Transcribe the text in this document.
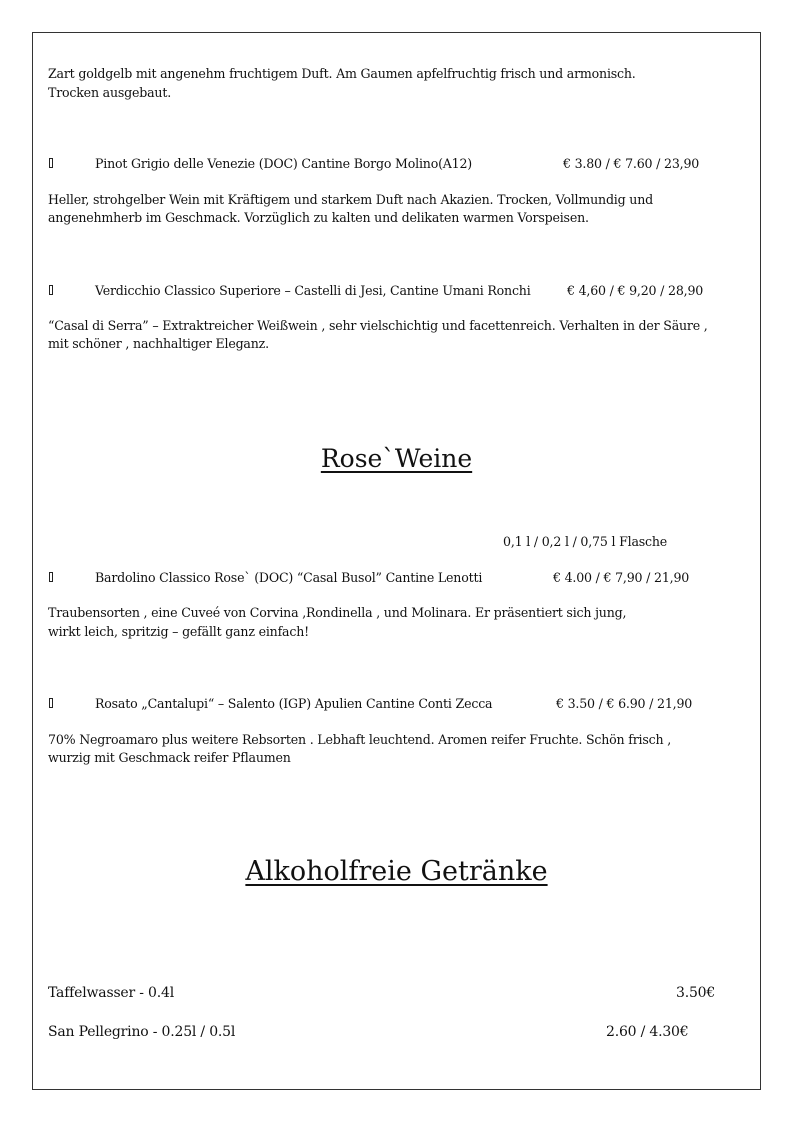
Zart goldgelb mit angenehm fruchtigem Duft. Am Gaumen apfelfruchtig frisch und armonisch.
Trocken ausgebaut.
Pinot Grigio delle Venezie (DOC) Cantine Borgo Molino(A12)	€ 3.80 / € 7.60 / 23,90
Heller, strohgelber Wein mit Kräftigem und starkem Duft nach Akazien. Trocken, Vollmundig und
angenehmherb im Geschmack. Vorzüglich zu kalten und delikaten warmen Vorspeisen.
Verdicchio Classico Superiore – Castelli di Jesi, Cantine Umani Ronchi	€ 4,60 / € 9,20 / 28,90
“Casal di Serra” – Extraktreicher Weißwein , sehr vielschichtig und facettenreich. Verhalten in der Säure ,
mit schöner , nachhaltiger Eleganz.
Rose`Weine
0,1 l / 0,2 l / 0,75 l Flasche
Bardolino Classico Rose` (DOC) “Casal Busol” Cantine Lenotti	€ 4.00 / € 7,90 / 21,90
Traubensorten , eine Cuveé von Corvina ,Rondinella , und Molinara. Er präsentiert sich jung,
wirkt leich, spritzig – gefällt ganz einfach!
Rosato „Cantalupi“ – Salento (IGP) Apulien Cantine Conti Zecca	€ 3.50 / € 6.90 / 21,90
70% Negroamaro plus weitere Rebsorten . Lebhaft leuchtend. Aromen reifer Fruchte. Schön frisch ,
wurzig mit Geschmack reifer Pflaumen
Alkoholfreie Getränke
Taffelwasser - 0.4l	3.50€
San Pellegrino - 0.25l / 0.5l	2.60 / 4.30€
